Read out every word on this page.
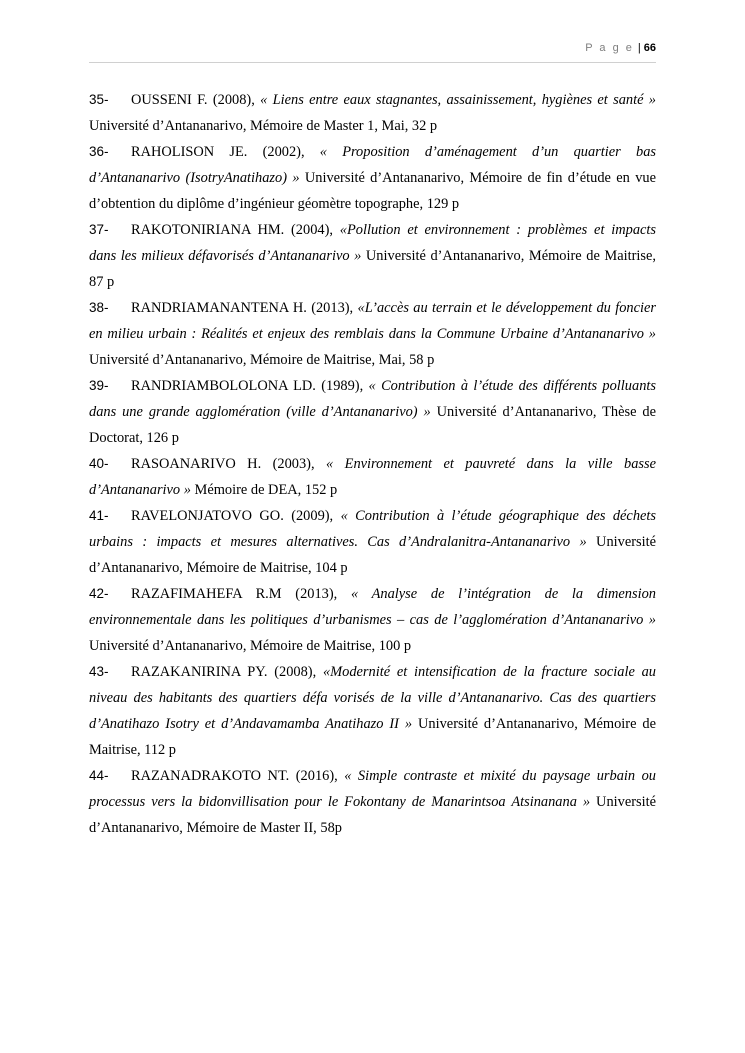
P a g e | 66

35- OUSSENI F. (2008), « Liens entre eaux stagnantes, assainissement, hygiènes et santé » Université d’Antananarivo, Mémoire de Master 1, Mai, 32 p

36- RAHOLISON JE. (2002), « Proposition d’aménagement d’un quartier bas d’Antananarivo (IsotryAnatihazo) » Université d’Antananarivo, Mémoire de fin d’étude en vue d’obtention du diplôme d’ingénieur géomètre topographe, 129 p

37- RAKOTONIRIANA HM. (2004), «Pollution et environnement : problèmes et impacts dans les milieux défavorisés d’Antananarivo » Université d’Antananarivo, Mémoire de Maitrise, 87 p

38- RANDRIAMANANTENA H. (2013), «L’accès au terrain et le développement du foncier en milieu urbain : Réalités et enjeux des remblais dans la Commune Urbaine d’Antananarivo » Université d’Antananarivo, Mémoire de Maitrise, Mai, 58 p

39- RANDRIAMBOLOLONA LD. (1989), « Contribution à l’étude des différents polluants dans une grande agglomération (ville d’Antananarivo) » Université d’Antananarivo, Thèse de Doctorat, 126 p

40- RASOANARIVO H. (2003), « Environnement et pauvreté dans la ville basse d’Antananarivo » Mémoire de DEA, 152 p

41- RAVELONJATOVO GO. (2009), « Contribution à l’étude géographique des déchets urbains : impacts et mesures alternatives. Cas d’Andralanitra-Antananarivo » Université d’Antananarivo, Mémoire de Maitrise, 104 p

42- RAZAFIMAHEFA R.M (2013), « Analyse de l’intégration de la dimension environnementale dans les politiques d’urbanismes – cas de l’agglomération d’Antananarivo » Université d’Antananarivo, Mémoire de Maitrise, 100 p

43- RAZAKANIRINA PY. (2008), «Modernité et intensification de la fracture sociale au niveau des habitants des quartiers défa vorisés de la ville d’Antananarivo. Cas des quartiers d’Anatihazo Isotry et d’Andavamamba Anatihazo II » Université d’Antananarivo, Mémoire de Maitrise, 112 p

44- RAZANADRAKOTO NT. (2016), « Simple contraste et mixité du paysage urbain ou processus vers la bidonvillisation pour le Fokontany de Manarintsoa Atsinanana » Université d’Antananarivo, Mémoire de Master II, 58p
